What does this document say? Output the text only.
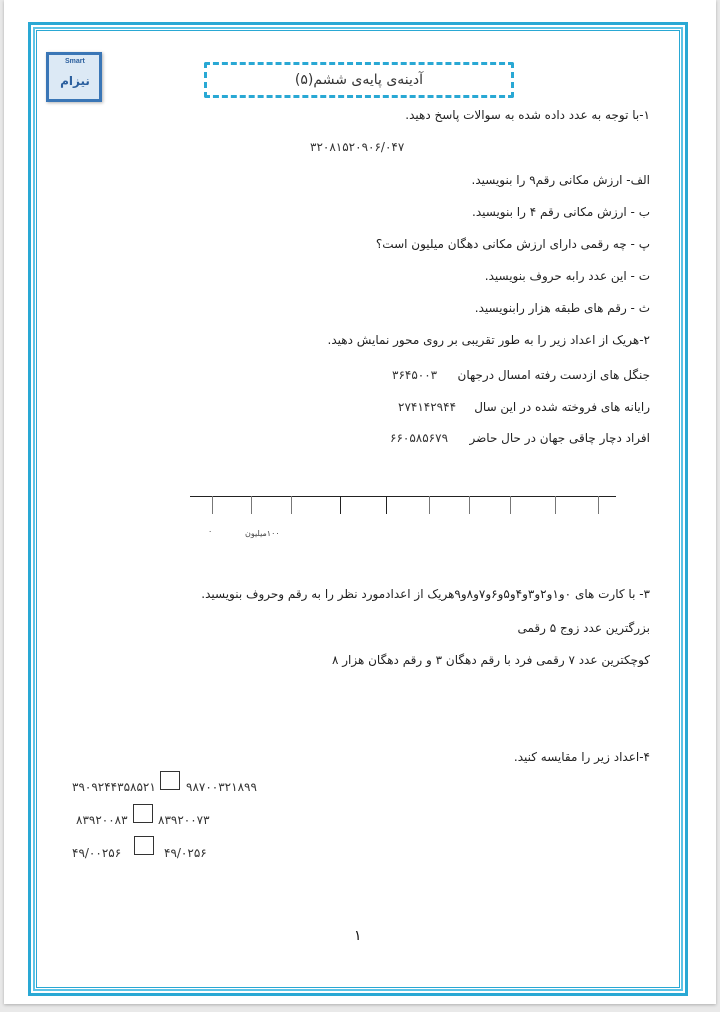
Smart
نیزام	آدینه‌ی پایه‌ی ششم(۵)
۱-با توجه به عدد داده شده به سوالات پاسخ دهید.
۳۲۰۸۱۵۲۰۹۰۶/۰۴۷
الف- ارزش مکانی رقم۹ را بنویسید.
ب - ارزش مکانی رقم ۴ را بنویسید.
پ - چه رقمی دارای ارزش مکانی دهگان میلیون است؟
ت - این عدد رابه حروف بنویسید.
ث - رقم های طبقه هزار رابنویسید.
۲-هریک از اعداد زیر را به طور تقریبی بر روی محور نمایش دهید.
جنگل های ازدست رفته امسال درجهان
۳۶۴۵۰۰۳
رایانه های فروخته شده در این سال
۲۷۴۱۴۲۹۴۴
افراد دچار چاقی جهان در حال حاضر
۶۶۰۵۸۵۶۷۹
۰	۱۰۰میلیون
۳- با کارت های ۰و۱و۲و۳و۴و۵و۶و۷و۸و۹هریک از اعدادمورد نظر را به رقم وحروف بنویسید.
بزرگترین عدد زوج ۵ رقمی
کوچکترین عدد ۷ رقمی فرد با رقم دهگان ۳ و رقم دهگان هزار ۸
۴-اعداد زیر را مقایسه کنید.
۳۹۰۹۲۴۴۳۵۸۵۲۱	۹۸۷۰۰۳۲۱۸۹۹
۸۳۹۲۰۰۸۳	۸۳۹۲۰۰۷۳
۴۹/۰۰۲۵۶	۴۹/۰۲۵۶
۱
